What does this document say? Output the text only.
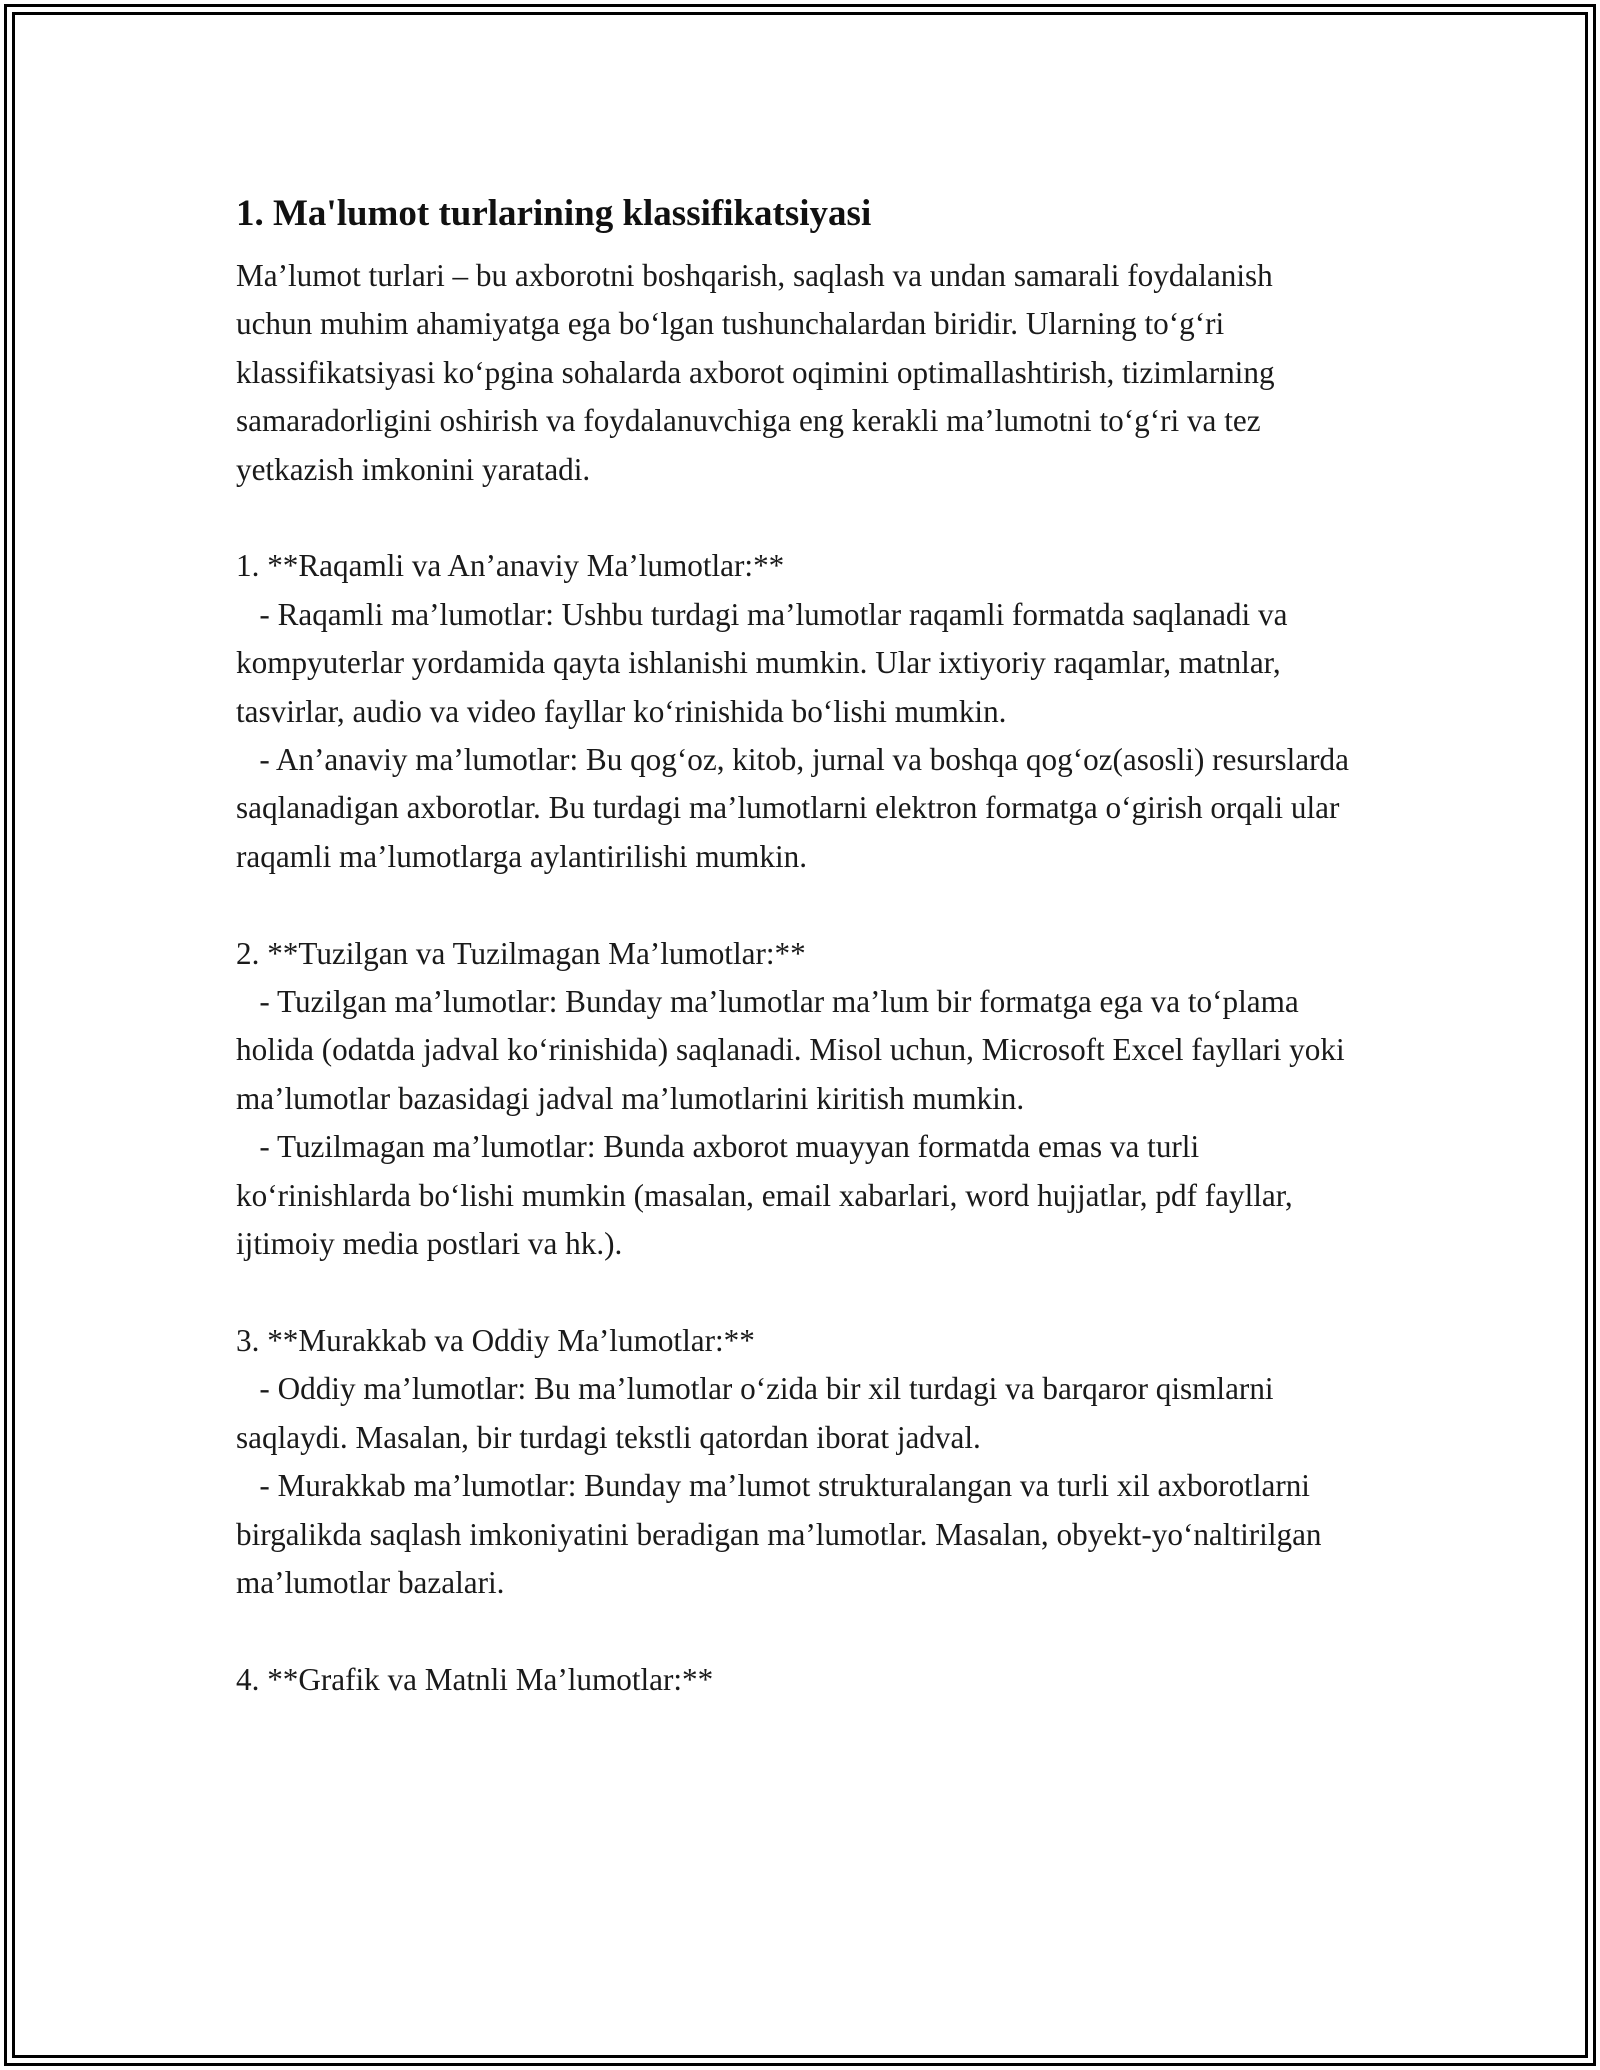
1. Ma'lumot turlarining klassifikatsiyasi

Ma’lumot turlari – bu axborotni boshqarish, saqlash va undan samarali foydalanish uchun muhim ahamiyatga ega bo‘lgan tushunchalardan biridir. Ularning to‘g‘ri klassifikatsiyasi ko‘pgina sohalarda axborot oqimini optimallashtirish, tizimlarning samaradorligini oshirish va foydalanuvchiga eng kerakli ma’lumotni to‘g‘ri va tez yetkazish imkonini yaratadi.

1. **Raqamli va An’anaviy Ma’lumotlar:**

- Raqamli ma’lumotlar: Ushbu turdagi ma’lumotlar raqamli formatda saqlanadi va kompyuterlar yordamida qayta ishlanishi mumkin. Ular ixtiyoriy raqamlar, matnlar, tasvirlar, audio va video fayllar ko‘rinishida bo‘lishi mumkin.

- An’anaviy ma’lumotlar: Bu qog‘oz, kitob, jurnal va boshqa qog‘oz(asosli) resurslarda saqlanadigan axborotlar. Bu turdagi ma’lumotlarni elektron formatga o‘girish orqali ular raqamli ma’lumotlarga aylantirilishi mumkin.

2. **Tuzilgan va Tuzilmagan Ma’lumotlar:**

- Tuzilgan ma’lumotlar: Bunday ma’lumotlar ma’lum bir formatga ega va to‘plama holida (odatda jadval ko‘rinishida) saqlanadi. Misol uchun, Microsoft Excel fayllari yoki ma’lumotlar bazasidagi jadval ma’lumotlarini kiritish mumkin.

- Tuzilmagan ma’lumotlar: Bunda axborot muayyan formatda emas va turli ko‘rinishlarda bo‘lishi mumkin (masalan, email xabarlari, word hujjatlar, pdf fayllar, ijtimoiy media postlari va hk.).

3. **Murakkab va Oddiy Ma’lumotlar:**

- Oddiy ma’lumotlar: Bu ma’lumotlar o‘zida bir xil turdagi va barqaror qismlarni saqlaydi. Masalan, bir turdagi tekstli qatordan iborat jadval.

- Murakkab ma’lumotlar: Bunday ma’lumot strukturalangan va turli xil axborotlarni birgalikda saqlash imkoniyatini beradigan ma’lumotlar. Masalan, obyekt-yo‘naltirilgan ma’lumotlar bazalari.

4. **Grafik va Matnli Ma’lumotlar:**
